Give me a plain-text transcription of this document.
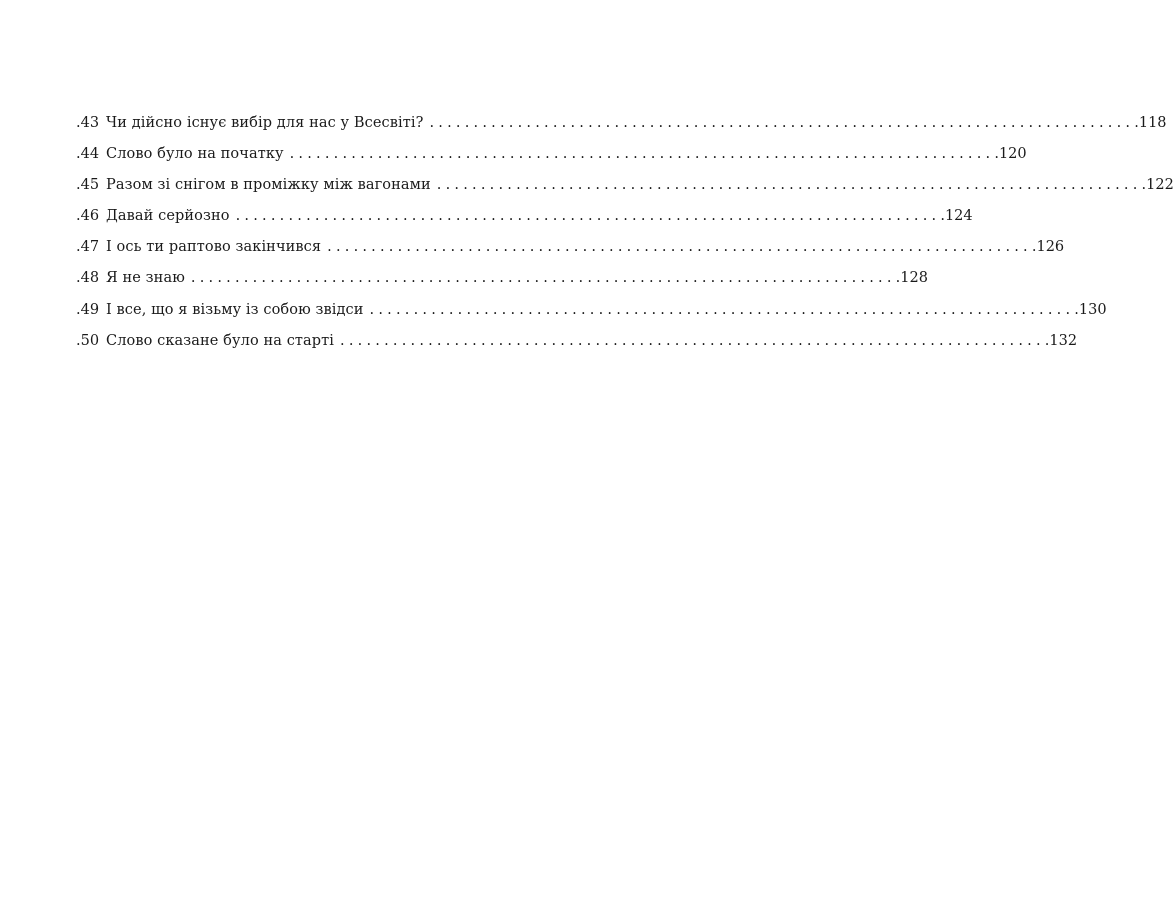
.43 Чи дійсно існує вибір для нас у Всесвіті? ................................................................................ .118
.44 Слово було на початку ................................................................................ .120
.45 Разом зі снігом в проміжку між вагонами ................................................................................ .122
.46 Давай серйозно ................................................................................ .124
.47 І ось ти раптово закінчився ................................................................................ .126
.48 Я не знаю ................................................................................ .128
.49 І все, що я візьму із собою звідси ................................................................................ .130
.50 Слово сказане було на старті ................................................................................ .132
